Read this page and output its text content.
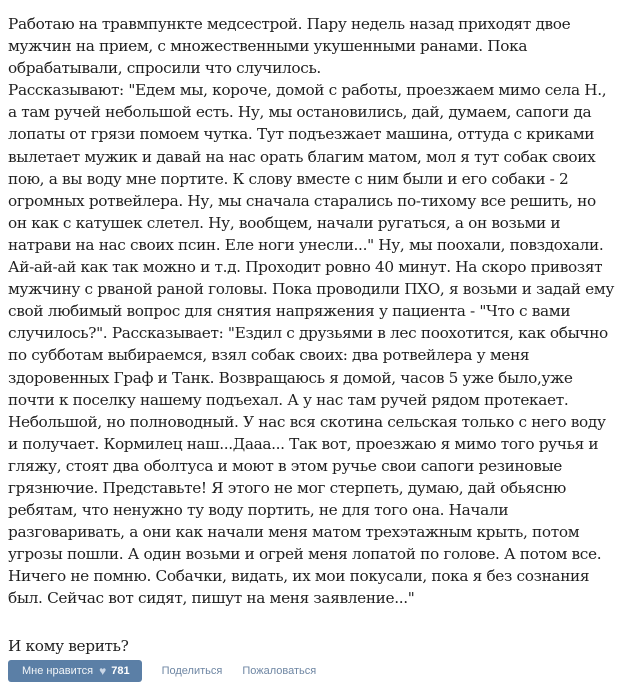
Работаю на травмпункте медсестрой. Пару недель назад приходят двое мужчин на прием, с множественными укушенными ранами. Пока обрабатывали, спросили что случилось.

Рассказывают: "Едем мы, короче, домой с работы, проезжаем мимо села Н., а там ручей небольшой есть. Ну, мы остановились, дай, думаем, сапоги да лопаты от грязи помоем чутка. Тут подъезжает машина, оттуда с криками вылетает мужик и давай на нас орать благим матом, мол я тут собак своих пою, а вы воду мне портите. К слову вместе с ним были и его собаки - 2 огромных ротвейлера. Ну, мы сначала старались по-тихому все решить, но он как с катушек слетел. Ну, вообщем, начали ругаться, а он возьми и натрави на нас своих псин. Еле ноги унесли..." Ну, мы поохали, повздохали. Ай-ай-ай как так можно и т.д. Проходит ровно 40 минут. На скоро привозят мужчину с рваной раной головы. Пока проводили ПХО, я возьми и задай ему свой любимый вопрос для снятия напряжения у пациента - "Что с вами случилось?". Рассказывает: "Ездил с друзьями в лес поохотится, как обычно по субботам выбираемся, взял собак своих: два ротвейлера у меня здоровенных Граф и Танк. Возвращаюсь я домой, часов 5 уже было,уже почти к поселку нашему подъехал. А у нас там ручей рядом протекает. Небольшой, но полноводный. У нас вся скотина сельская только с него воду и получает. Кормилец наш...Дааа... Так вот, проезжаю я мимо того ручья и гляжу, стоят два оболтуса и моют в этом ручье свои сапоги резиновые грязнючие. Представьте! Я этого не мог стерпеть, думаю, дай обьясню ребятам, что ненужно ту воду портить, не для того она. Начали разговаривать, а они как начали меня матом трехэтажным крыть, потом угрозы пошли. А один возьми и огрей меня лопатой по голове. А потом все. Ничего не помню. Собачки, видать, их мои покусали, пока я без сознания был. Сейчас вот сидят, пишут на меня заявление..."

И кому верить?

Мне нравится ♥ 781	Поделиться Пожаловаться
